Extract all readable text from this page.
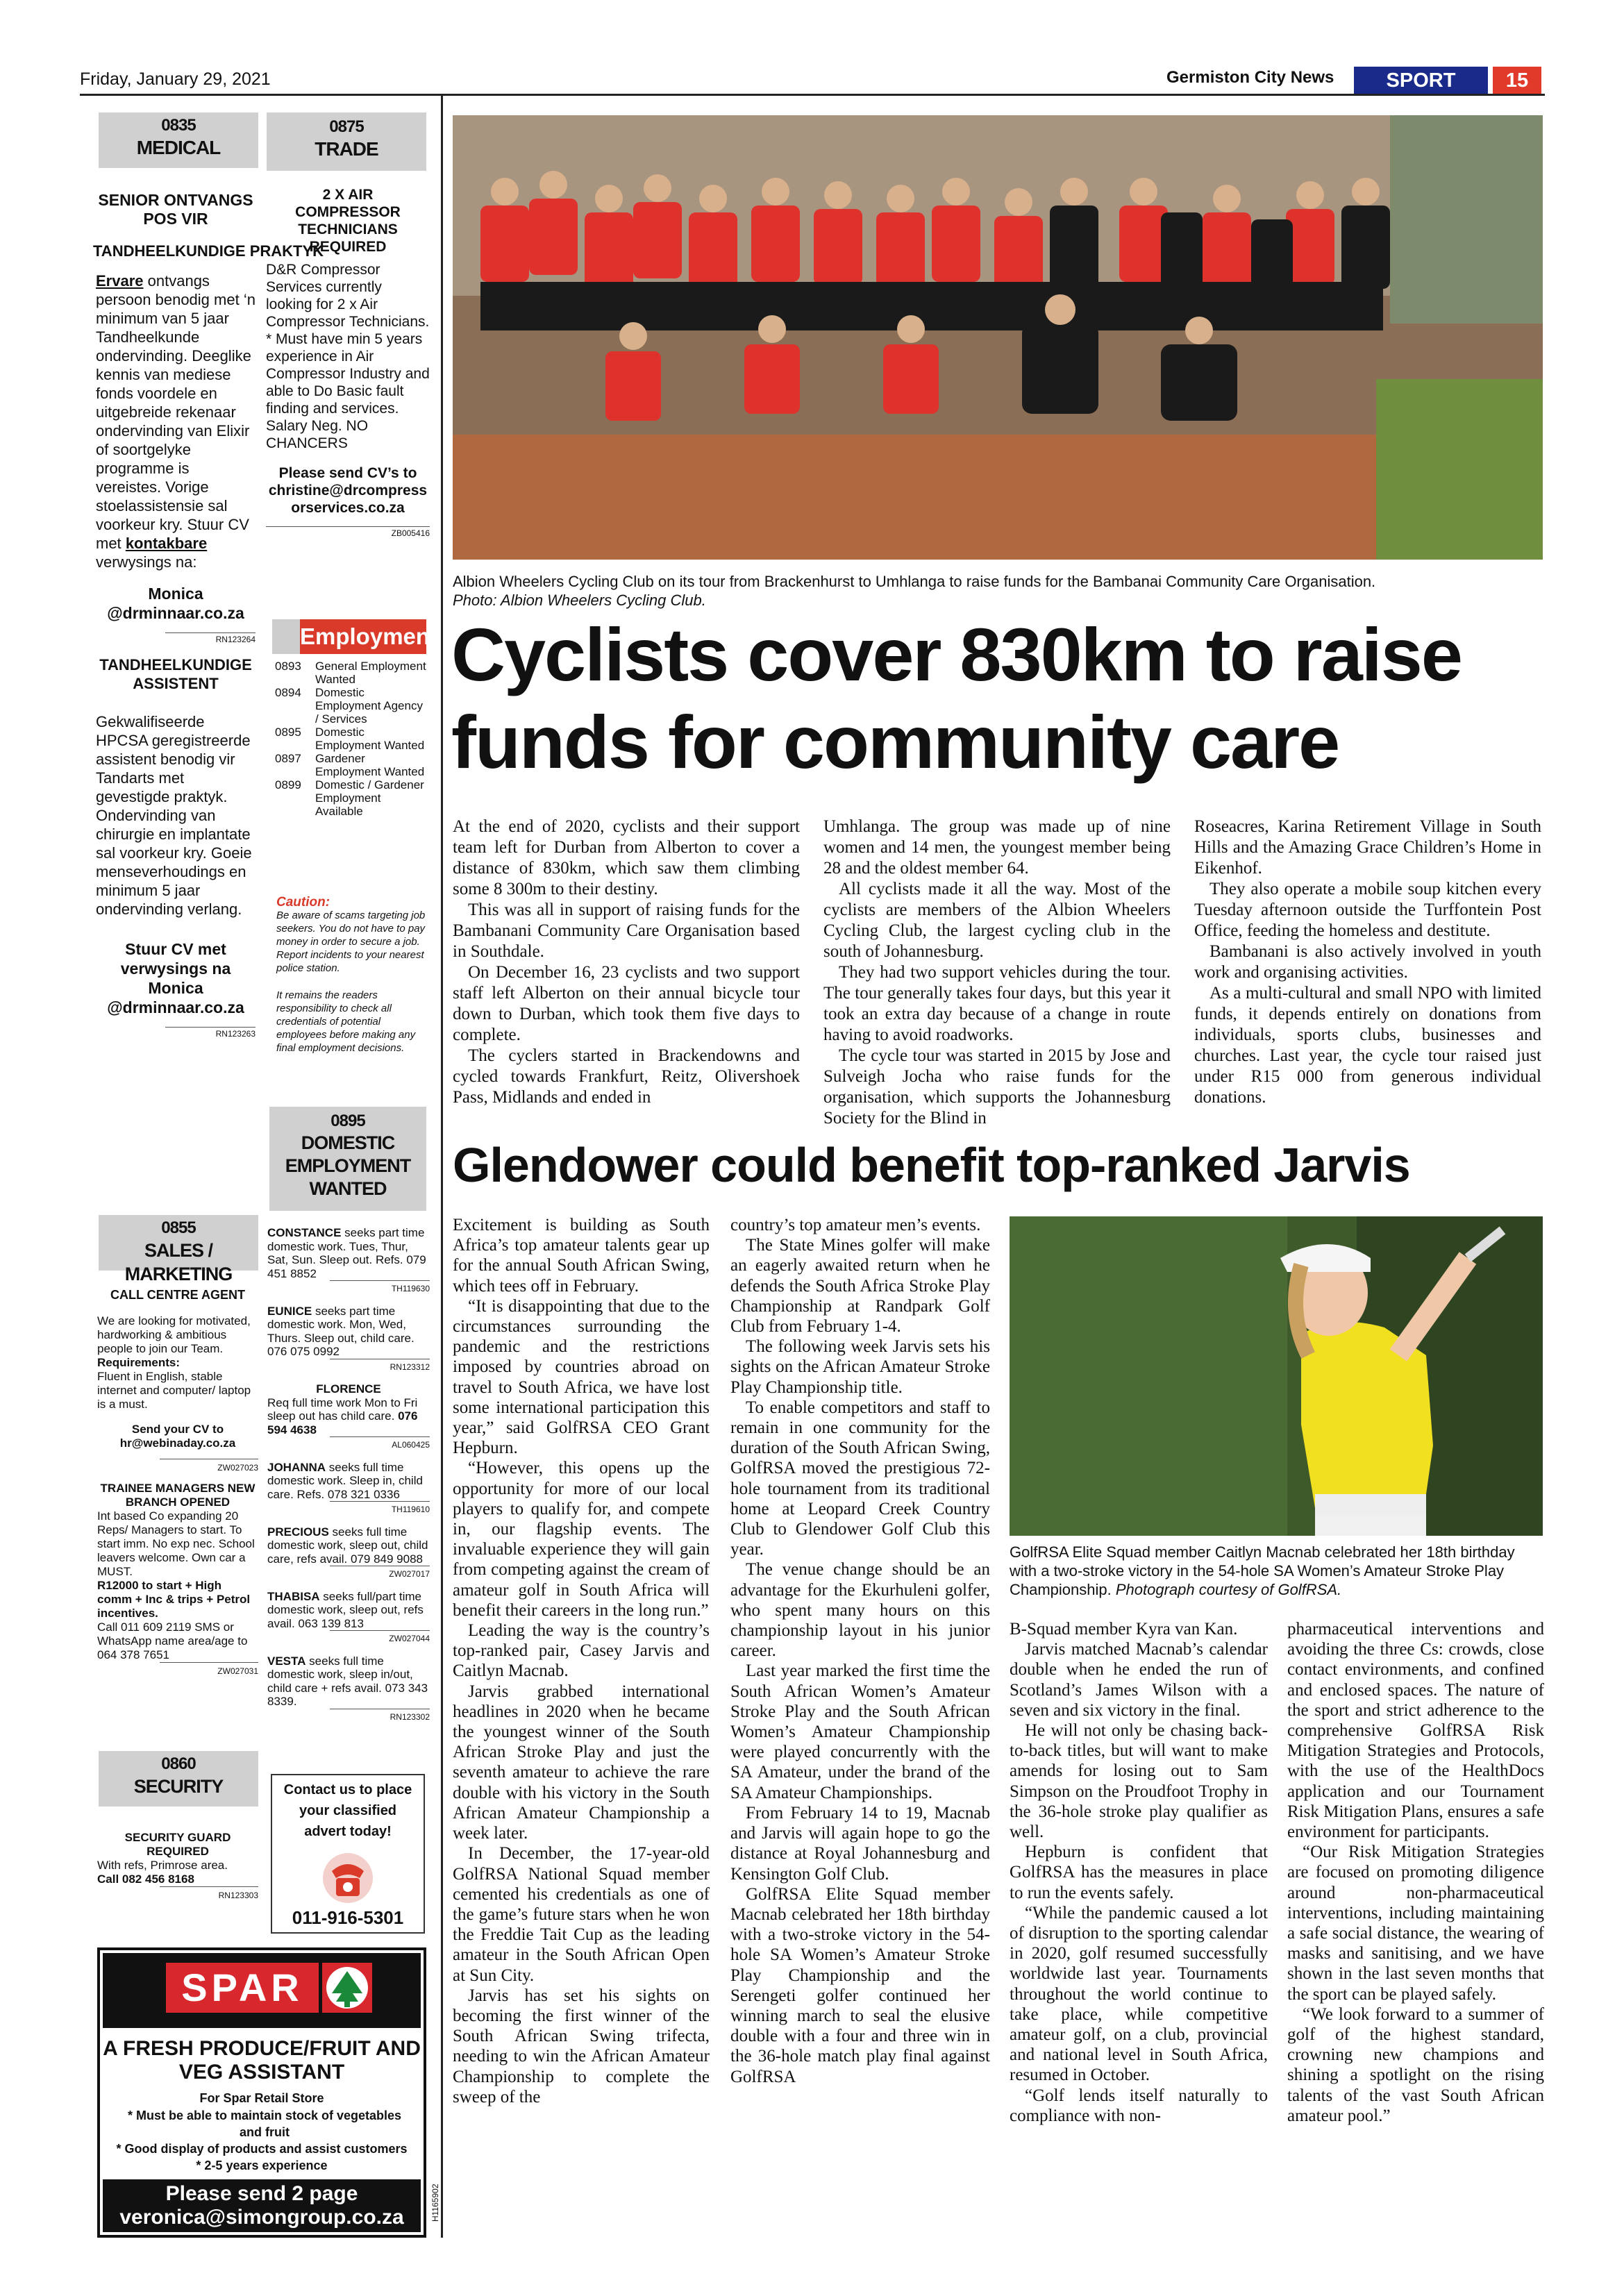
Friday, January 29, 2021	Germiston City News	SPORT	15
0835
MEDICAL
SENIOR ONTVANGS POS VIR
TANDHEELKUNDIGE PRAKTYK
Ervare ontvangs persoon benodig met ‘n minimum van 5 jaar Tandheelkunde ondervinding. Deeglike kennis van mediese fonds voordele en uitgebreide rekenaar ondervinding van Elixir of soortgelyke programme is vereistes. Vorige stoelassistensie sal voorkeur kry. Stuur CV met kontakbare verwysings na:
Monica @drminnaar.co.za
RN123264
TANDHEELKUNDIGE ASSISTENT
Gekwalifiseerde HPCSA geregistreerde assistent benodig vir Tandarts met gevestigde praktyk. Ondervinding van chirurgie en implantate sal voorkeur kry. Goeie menseverhoudings en minimum 5 jaar ondervinding verlang.
Stuur CV met verwysings na Monica @drminnaar.co.za
RN123263
0855
SALES / MARKETING
CALL CENTRE AGENT
We are looking for motivated, hardworking & ambitious people to join our Team.
Requirements:
Fluent in English, stable internet and computer/ laptop is a must.
Send your CV to hr@webinaday.co.za
ZW027023
TRAINEE MANAGERS NEW BRANCH OPENED
Int based Co expanding 20 Reps/ Managers to start. To start imm. No exp nec. School leavers welcome. Own car a MUST.
R12000 to start + High comm + Inc & trips + Petrol incentives.
Call 011 609 2119 SMS or WhatsApp name area/age to 064 378 7651
ZW027031
0860
SECURITY
SECURITY GUARD REQUIRED
With refs, Primrose area.
Call 082 456 8168
RN123303
0875
TRADE
2 X AIR COMPRESSOR TECHNICIANS REQUIRED
D&R Compressor Services currently looking for 2 x Air Compressor Technicians. * Must have min 5 years experience in Air Compressor Industry and able to Do Basic fault finding and services. Salary Neg. NO CHANCERS
Please send CV’s to christine@drcompress orservices.co.za
ZB005416
Employment
0893	General Employment Wanted
0894	Domestic Employment Agency / Services
0895	Domestic Employment Wanted
0897	Gardener Employment Wanted
0899	Domestic / Gardener Employment Available
Caution:
Be aware of scams targeting job seekers. You do not have to pay money in order to secure a job. Report incidents to your nearest police station.
It remains the readers responsibility to check all credentials of potential employees before making any final employment decisions.
0895
DOMESTIC EMPLOYMENT WANTED
CONSTANCE seeks part time domestic work. Tues, Thur, Sat, Sun. Sleep out. Refs. 079 451 8852
TH119630
EUNICE seeks part time domestic work. Mon, Wed, Thurs. Sleep out, child care. 076 075 0992
RN123312
FLORENCE
Req full time work Mon to Fri sleep out has child care. 076 594 4638
AL060425
JOHANNA seeks full time domestic work. Sleep in, child care. Refs. 078 321 0336
TH119610
PRECIOUS seeks full time domestic work, sleep out, child care, refs avail. 079 849 9088
ZW027017
THABISA seeks full/part time domestic work, sleep out, refs avail. 063 139 813
ZW027044
VESTA seeks full time domestic work, sleep in/out, child care + refs avail. 073 343 8339.
RN123302
Contact us to place your classified advert today!
011-916-5301
SPAR
A FRESH PRODUCE/FRUIT AND VEG ASSISTANT
For Spar Retail Store
* Must be able to maintain stock of vegetables and fruit
* Good display of products and assist customers
* 2-5 years experience
Please send 2 page
veronica@simongroup.co.za	H1165902
Albion Wheelers Cycling Club on its tour from Brackenhurst to Umhlanga to raise funds for the Bambanai Community Care Organisation.
Photo: Albion Wheelers Cycling Club.
Cyclists cover 830km to raise
funds for community care

At the end of 2020, cyclists and their support team left for Durban from Alberton to cover a distance of 830km, which saw them climbing some 8 300m to their destiny.

This was all in support of raising funds for the Bambanani Community Care Organisation based in Southdale.

On December 16, 23 cyclists and two support staff left Alberton on their annual bicycle tour down to Durban, which took them five days to complete.

The cyclers started in Brackendowns and cycled towards Frankfurt, Reitz, Olivershoek Pass, Midlands and ended in

Umhlanga. The group was made up of nine women and 14 men, the youngest member being 28 and the oldest member 64.

All cyclists made it all the way. Most of the cyclists are members of the Albion Wheelers Cycling Club, the largest cycling club in the south of Johannesburg.

They had two support vehicles during the tour. The tour generally takes four days, but this year it took an extra day because of a change in route having to avoid roadworks.

The cycle tour was started in 2015 by Jose and Sulveigh Jocha who raise funds for the organisation, which supports the Johannesburg Society for the Blind in

Roseacres, Karina Retirement Village in South Hills and the Amazing Grace Children’s Home in Eikenhof.

They also operate a mobile soup kitchen every Tuesday afternoon outside the Turffontein Post Office, feeding the homeless and destitute.

Bambanani is also actively involved in youth work and organising activities.

As a multi-cultural and small NPO with limited funds, it depends entirely on donations from individuals, sports clubs, businesses and churches. Last year, the cycle tour raised just under R15 000 from generous individual donations.

Glendower could benefit top-ranked Jarvis
GolfRSA Elite Squad member Caitlyn Macnab celebrated her 18th birthday with a two-stroke victory in the 54-hole SA Women’s Amateur Stroke Play Championship. Photograph courtesy of GolfRSA.

Excitement is building as South Africa’s top amateur talents gear up for the annual South African Swing, which tees off in February.

“It is disappointing that due to the circumstances surrounding the pandemic and the restrictions imposed by countries abroad on travel to South Africa, we have lost some international participation this year,” said GolfRSA CEO Grant Hepburn.

“However, this opens up the opportunity for more of our local players to qualify for, and compete in, our flagship events. The invaluable experience they will gain from competing against the cream of amateur golf in South Africa will benefit their careers in the long run.”

Leading the way is the country’s top-ranked pair, Casey Jarvis and Caitlyn Macnab.

Jarvis grabbed international headlines in 2020 when he became the youngest winner of the South African Stroke Play and just the seventh amateur to achieve the rare double with his victory in the South African Amateur Championship a week later.

In December, the 17-year-old GolfRSA National Squad member cemented his credentials as one of the game’s future stars when he won the Freddie Tait Cup as the leading amateur in the South African Open at Sun City.

Jarvis has set his sights on becoming the first winner of the South African Swing trifecta, needing to win the African Amateur Championship to complete the sweep of the

country’s top amateur men’s events.

The State Mines golfer will make an eagerly awaited return when he defends the South Africa Stroke Play Championship at Randpark Golf Club from February 1-4.

The following week Jarvis sets his sights on the African Amateur Stroke Play Championship title.

To enable competitors and staff to remain in one community for the duration of the South African Swing, GolfRSA moved the prestigious 72-hole tournament from its traditional home at Leopard Creek Country Club to Glendower Golf Club this year.

The venue change should be an advantage for the Ekurhuleni golfer, who spent many hours on this championship layout in his junior career.

Last year marked the first time the South African Women’s Amateur Stroke Play and the South African Women’s Amateur Championship were played concurrently with the SA Amateur, under the brand of the SA Amateur Championships.

From February 14 to 19, Macnab and Jarvis will again hope to go the distance at Royal Johannesburg and Kensington Golf Club.

GolfRSA Elite Squad member Macnab celebrated her 18th birthday with a two-stroke victory in the 54-hole SA Women’s Amateur Stroke Play Championship and the Serengeti golfer continued her winning march to seal the elusive double with a four and three win in the 36-hole match play final against GolfRSA

B-Squad member Kyra van Kan.

Jarvis matched Macnab’s calendar double when he ended the run of Scotland’s James Wilson with a seven and six victory in the final.

He will not only be chasing back-to-back titles, but will want to make amends for losing out to Sam Simpson on the Proudfoot Trophy in the 36-hole stroke play qualifier as well.

Hepburn is confident that GolfRSA has the measures in place to run the events safely.

“While the pandemic caused a lot of disruption to the sporting calendar in 2020, golf resumed successfully worldwide last year. Tournaments throughout the world continue to take place, while competitive amateur golf, on a club, provincial and national level in South Africa, resumed in October.

“Golf lends itself naturally to compliance with non-

pharmaceutical interventions and avoiding the three Cs: crowds, close contact environments, and confined and enclosed spaces. The nature of the sport and strict adherence to the comprehensive GolfRSA Risk Mitigation Strategies and Protocols, with the use of the HealthDocs application and our Tournament Risk Mitigation Plans, ensures a safe environment for participants.

“Our Risk Mitigation Strategies are focused on promoting diligence around non-pharmaceutical interventions, including maintaining a safe social distance, the wearing of masks and sanitising, and we have shown in the last seven months that the sport can be played safely.

“We look forward to a summer of golf of the highest standard, crowning new champions and shining a spotlight on the rising talents of the vast South African amateur pool.”
